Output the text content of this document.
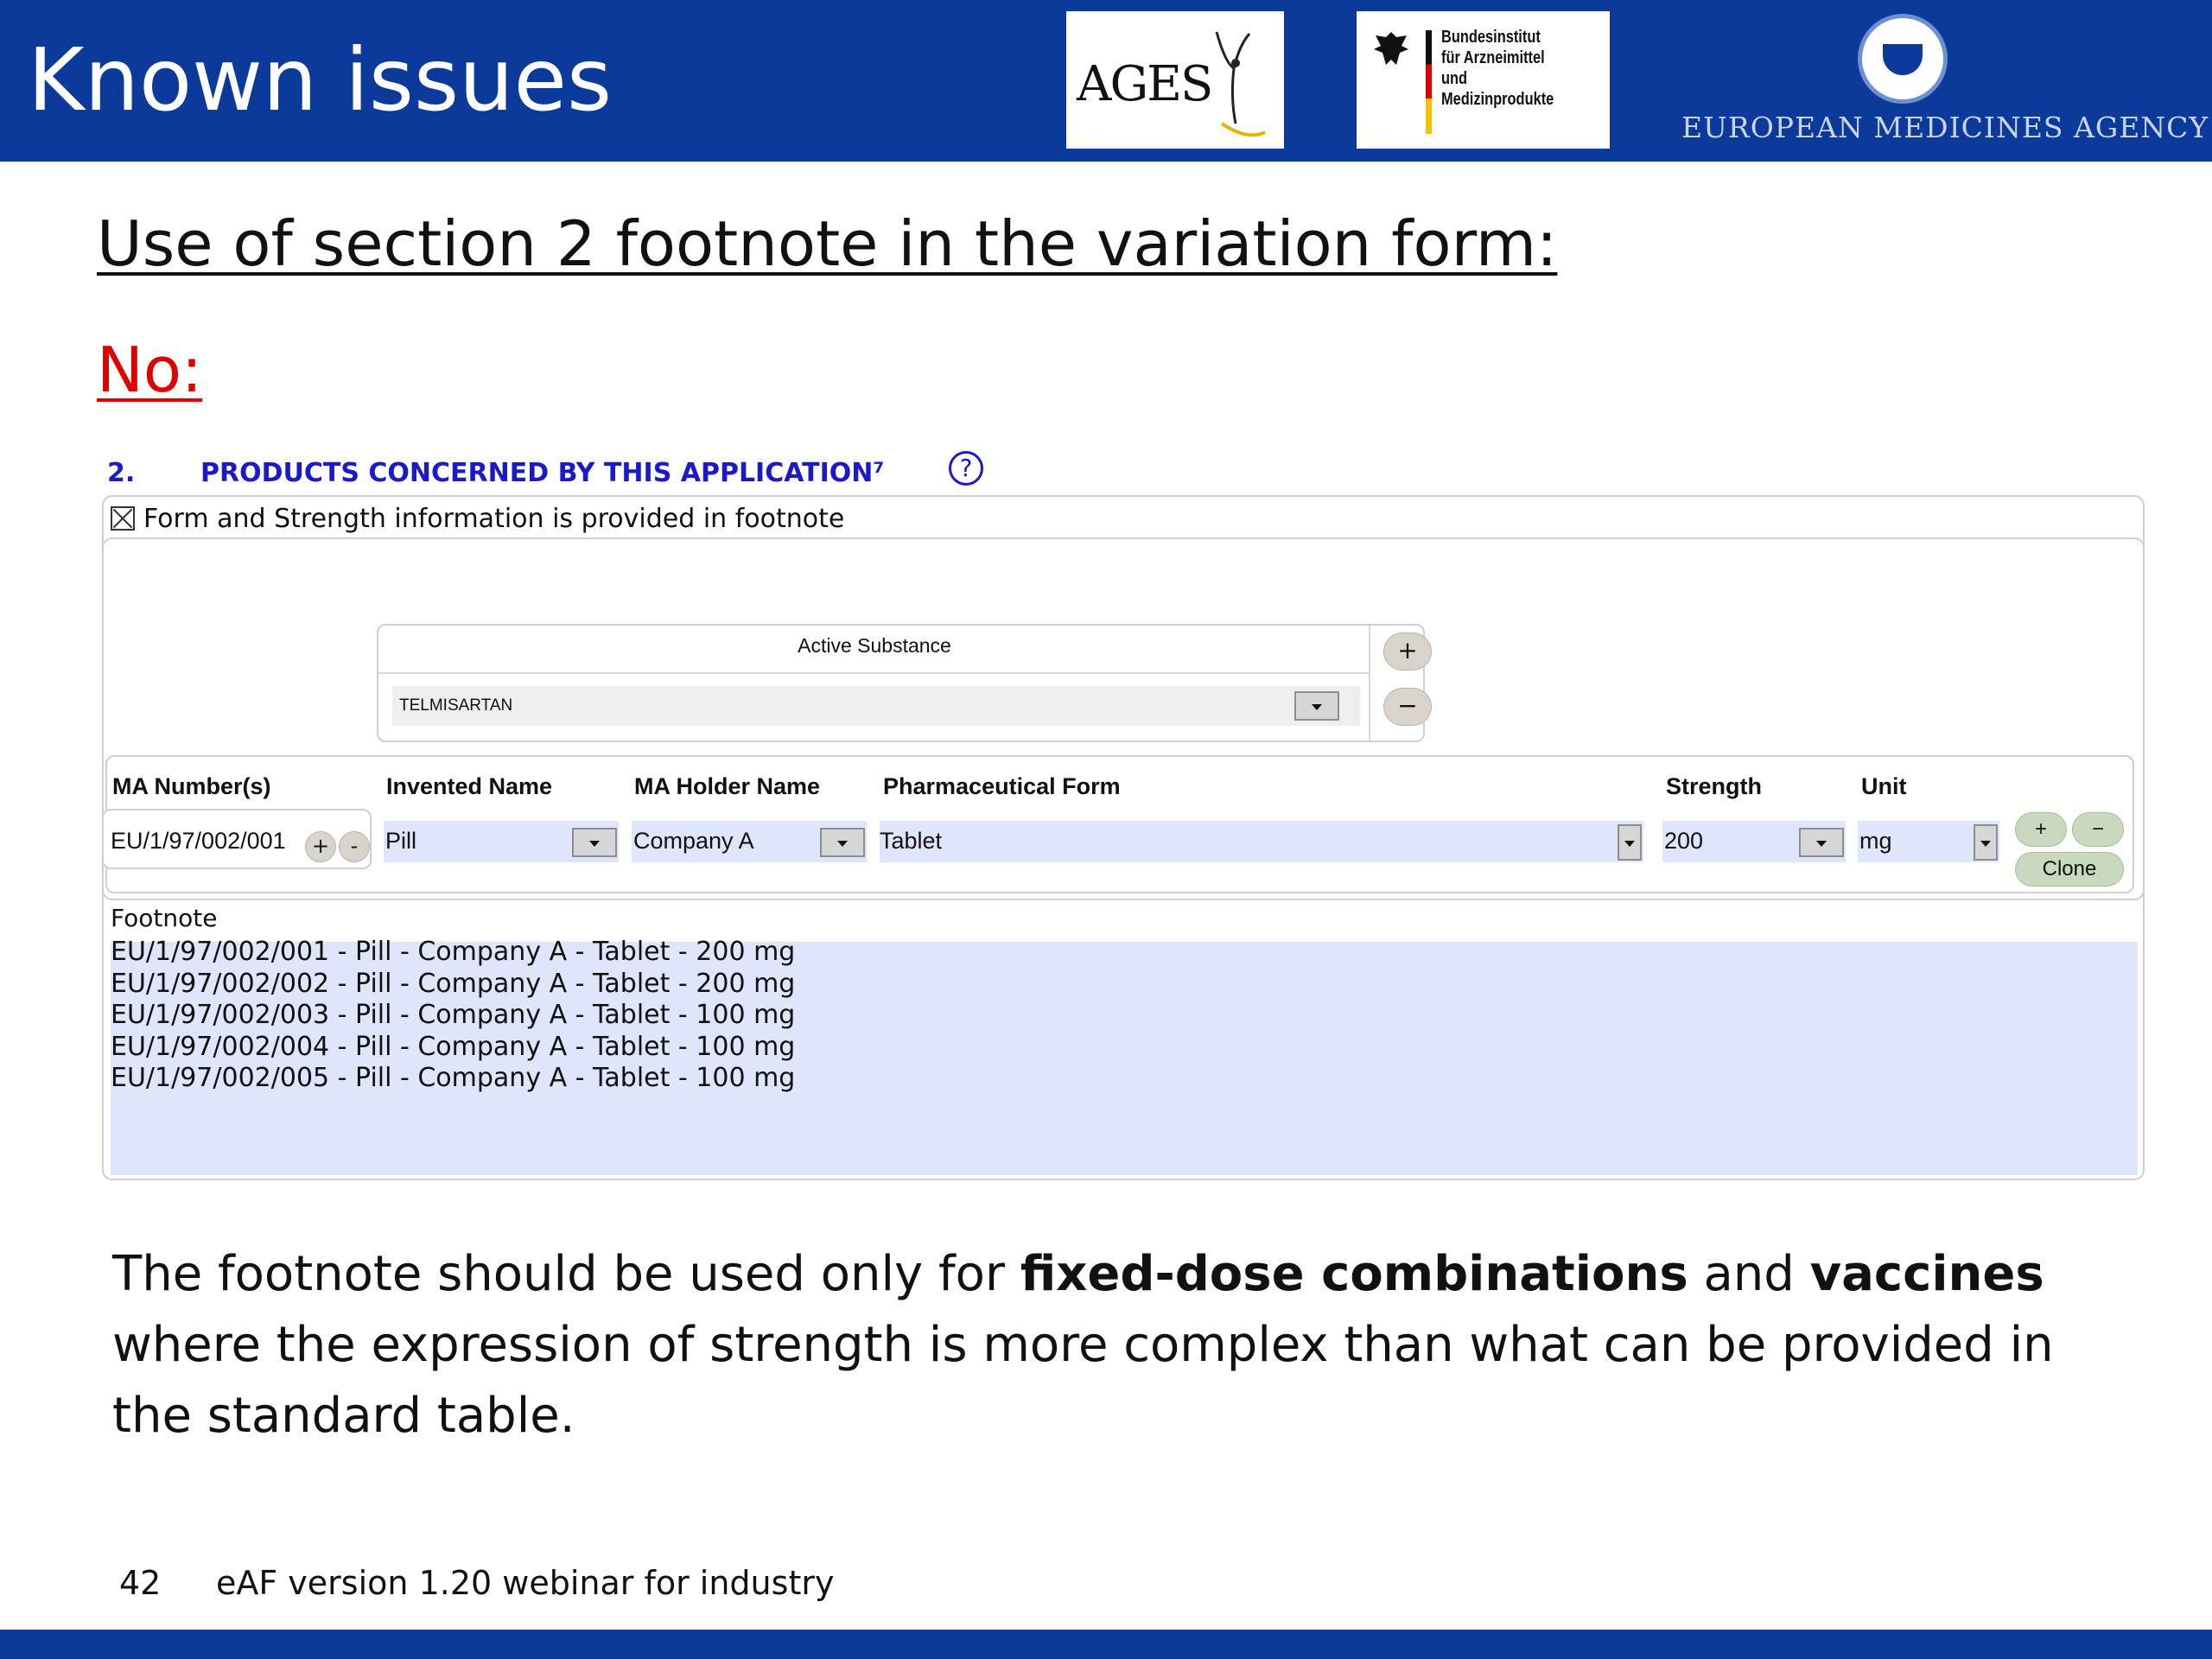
Known issues	AGES
Bundesinstitut
für Arzneimittel
und Medizinprodukte
EUROPEAN MEDICINES AGENCY
Use of section 2 footnote in the variation form:
No:
2.	PRODUCTS CONCERNED BY THIS APPLICATION⁷	?
Form and Strength information is provided in footnote
Active Substance
TELMISARTAN
+
−
MA Number(s)	Invented Name	MA Holder Name	Pharmaceutical Form	Strength	Unit
EU/1/97/002/001	+	-	Pill	Company A	Tablet	200	mg	+	−
Clone
Footnote
EU/1/97/002/001 - Pill - Company A - Tablet - 200 mg
EU/1/97/002/002 - Pill - Company A - Tablet - 200 mg
EU/1/97/002/003 - Pill - Company A - Tablet - 100 mg
EU/1/97/002/004 - Pill - Company A - Tablet - 100 mg
EU/1/97/002/005 - Pill - Company A - Tablet - 100 mg
The footnote should be used only for fixed-dose combinations and vaccines where the expression of strength is more complex than what can be provided in the standard table.
42 eAF version 1.20 webinar for industry
